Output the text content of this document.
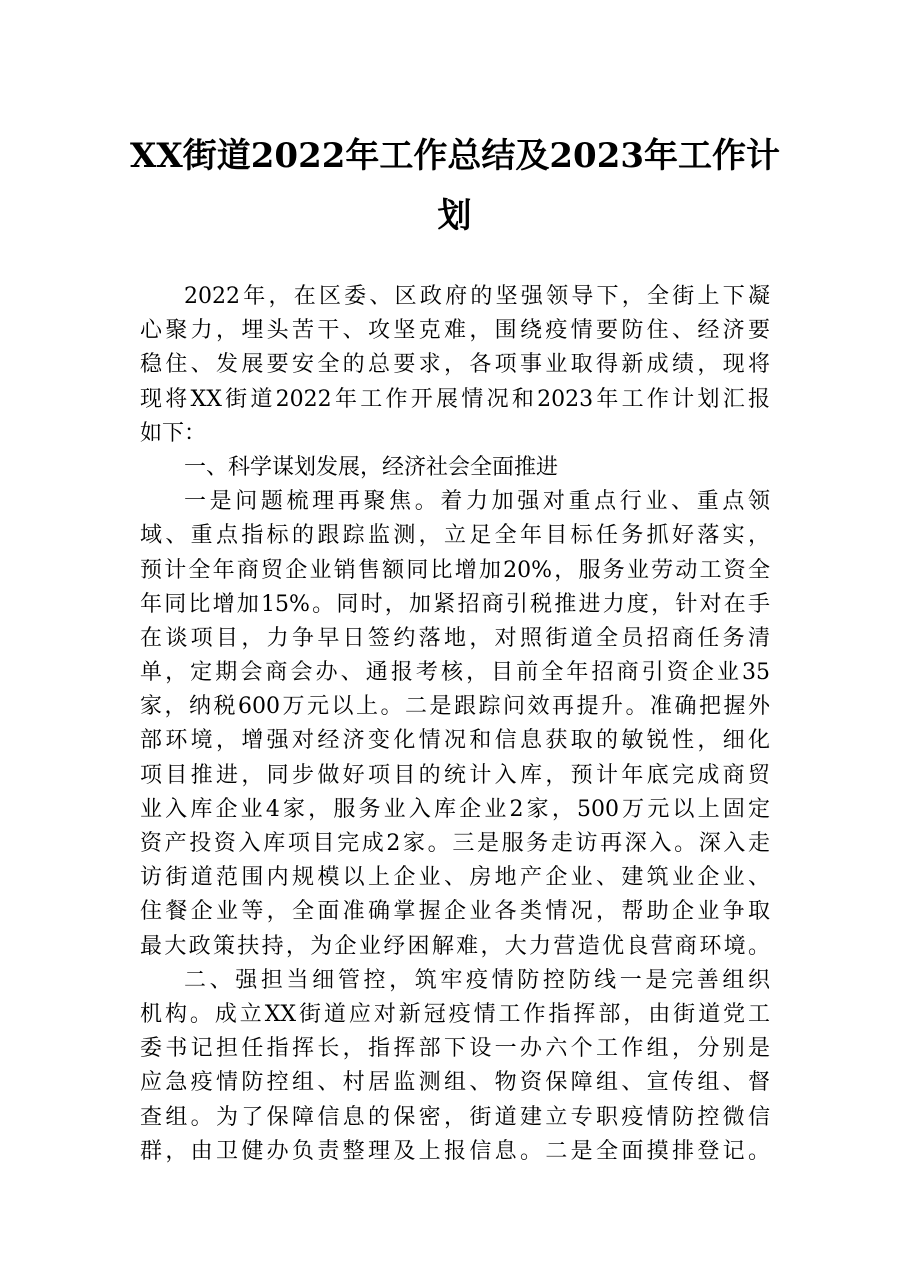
XX街道2022年工作总结及2023年工作计
划
2022年，在区委、区政府的坚强领导下，全街上下凝
心聚力，埋头苦干、攻坚克难，围绕疫情要防住、经济要
稳住、发展要安全的总要求，各项事业取得新成绩，现将
现将XX街道2022年工作开展情况和2023年工作计划汇报
如下：
一、科学谋划发展，经济社会全面推进
一是问题梳理再聚焦。着力加强对重点行业、重点领
域、重点指标的跟踪监测，立足全年目标任务抓好落实，
预计全年商贸企业销售额同比增加20%，服务业劳动工资全
年同比增加15%。同时，加紧招商引税推进力度，针对在手
在谈项目，力争早日签约落地，对照街道全员招商任务清
单，定期会商会办、通报考核，目前全年招商引资企业35
家，纳税600万元以上。二是跟踪问效再提升。准确把握外
部环境，增强对经济变化情况和信息获取的敏锐性，细化
项目推进，同步做好项目的统计入库，预计年底完成商贸
业入库企业4家，服务业入库企业2家，500万元以上固定
资产投资入库项目完成2家。三是服务走访再深入。深入走
访街道范围内规模以上企业、房地产企业、建筑业企业、
住餐企业等，全面准确掌握企业各类情况，帮助企业争取
最大政策扶持，为企业纾困解难，大力营造优良营商环境。
二、强担当细管控，筑牢疫情防控防线一是完善组织
机构。成立XX街道应对新冠疫情工作指挥部，由街道党工
委书记担任指挥长，指挥部下设一办六个工作组，分别是
应急疫情防控组、村居监测组、物资保障组、宣传组、督
查组。为了保障信息的保密，街道建立专职疫情防控微信
群，由卫健办负责整理及上报信息。二是全面摸排登记。
